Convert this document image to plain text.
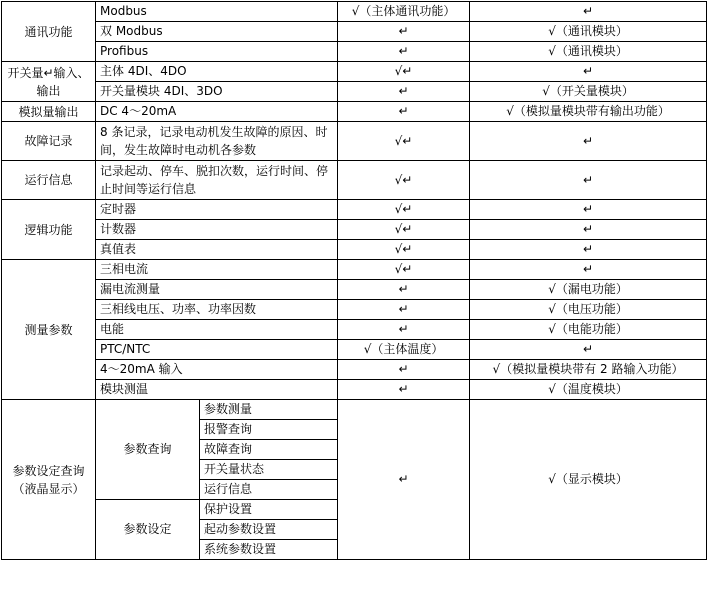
通讯功能	Modbus		√（主体通讯功能）	↵
	双 Modbus		↵	√（通讯模块）
	Profibus		↵	√（通讯模块）
开关量↵输入、输出	主体 4DI、4DO		√↵	↵
	开关量模块 4DI、3DO		↵	√（开关量模块）
模拟量输出	DC 4～20mA		↵	√（模拟量模块带有输出功能）
故障记录	8 条记录，记录电动机发生故障的原因、时间，发生故障时电动机各参数		√↵	↵
运行信息	记录起动、停车、脱扣次数，运行时间、停止时间等运行信息		√↵	↵
逻辑功能	定时器		√↵	↵
	计数器		√↵	↵
	真值表		√↵	↵
测量参数	三相电流		√↵	↵
	漏电流测量		↵	√（漏电功能）
	三相线电压、功率、功率因数		↵	√（电压功能）
	电能		↵	√（电能功能）
	PTC/NTC		√（主体温度）	↵
	4～20mA 输入		↵	√（模拟量模块带有 2 路输入功能）
	模块测温		↵	√（温度模块）
参数设定查询（液晶显示）	参数查询	参数测量	↵	√（显示模块）
		报警查询		
		故障查询		
		开关量状态		
		运行信息		
	参数设定	保护设置		
		起动参数设置		
		系统参数设置		
